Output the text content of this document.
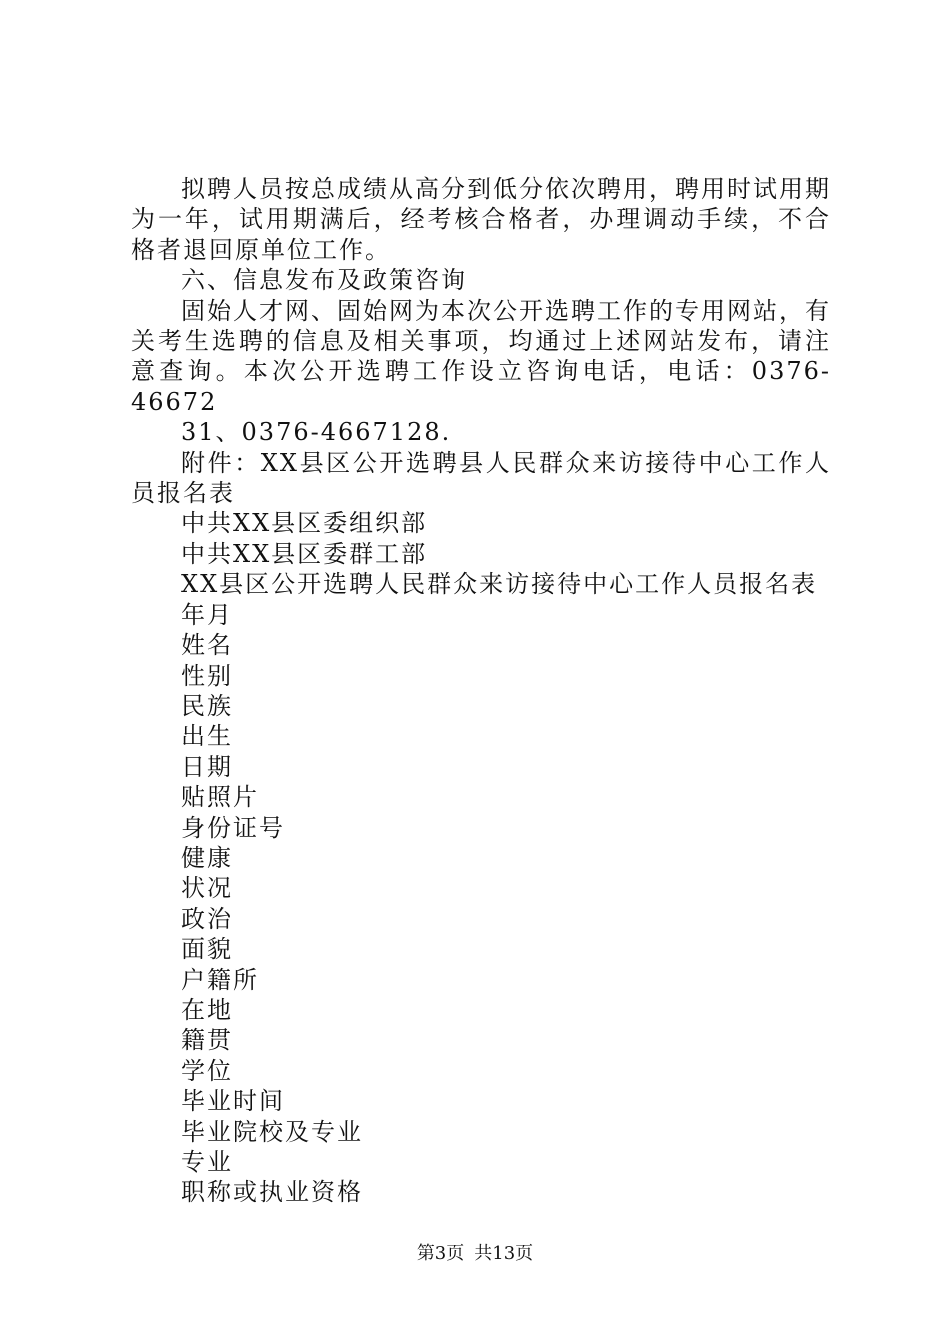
拟聘人员按总成绩从高分到低分依次聘用，聘用时试用期为一年，试用期满后，经考核合格者，办理调动手续，不合格者退回原单位工作。

六、信息发布及政策咨询

固始人才网、固始网为本次公开选聘工作的专用网站，有关考生选聘的信息及相关事项，均通过上述网站发布，请注意查询。本次公开选聘工作设立咨询电话，电话：0376-46672

31、0376-4667128.

附件：XX县区公开选聘县人民群众来访接待中心工作人员报名表

中共XX县区委组织部

中共XX县区委群工部

XX县区公开选聘人民群众来访接待中心工作人员报名表

年月

姓名

性别

民族

出生

日期

贴照片

身份证号

健康

状况

政治

面貌

户籍所

在地

籍贯

学位

毕业时间

毕业院校及专业

专业

职称或执业资格

第3页 共13页
